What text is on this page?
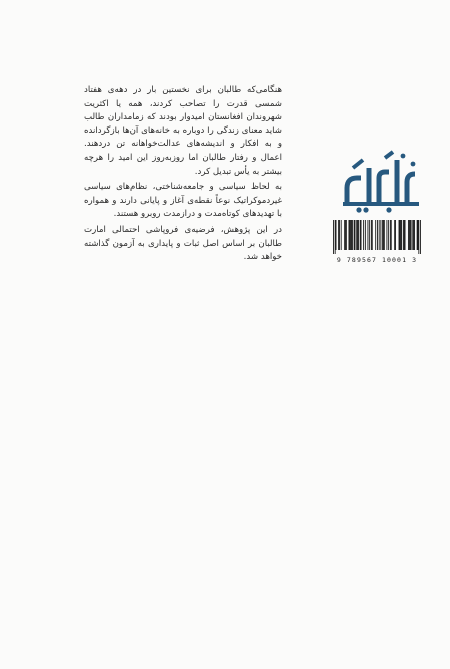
هنگامی‌که طالبان برای نخستین بار در دهه‌ی هفتاد شمسی قدرت را تصاحب کردند، همه یا اکثریت شهروندان افغانستان امیدوار بودند که زمامداران طالب شاید معنای زندگی را دوباره به خانه‌های آن‌ها بازگردانده و به افکار و اندیشه‌های عدالت‌خواهانه تن دردهند. اعمال و رفتار طالبان اما روزبه‌روز این امید را هرچه بیشتر به یأس تبدیل کرد.

به لحاظ سیاسی و جامعه‌شناختی، نظام‌های سیاسی غیردموکراتیک نوعاً نقطه‌ی آغاز و پایانی دارند و همواره با تهدیدهای کوتاه‌مدت و درازمدت روبرو هستند.

در این پژوهش، فرضیه‌ی فروپاشی احتمالی امارت طالبان بر اساس اصل ثبات و پایداری به آزمون گذاشته خواهد شد.

پیمبه بدایران
9 789567 10001 3
